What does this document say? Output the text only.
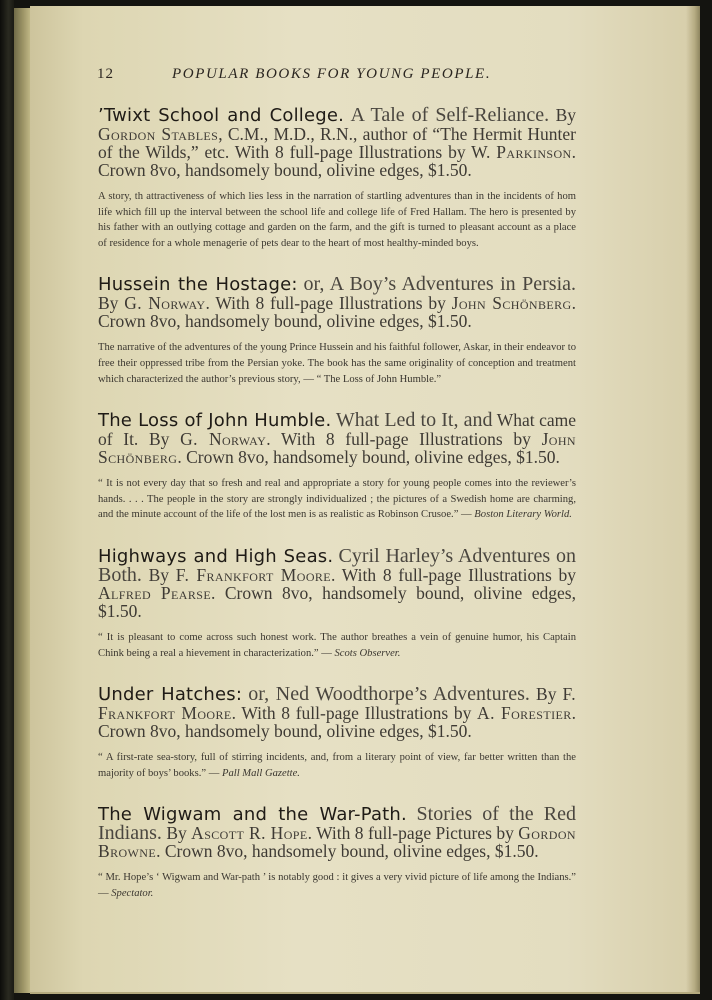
12	POPULAR BOOKS FOR YOUNG PEOPLE.
’Twixt School and College. A Tale of Self-Reliance. By Gordon Stables, C.M., M.D., R.N., author of “The Hermit Hunter of the Wilds,” etc. With 8 full-page Illustrations by W. Parkinson. Crown 8vo, handsomely bound, olivine edges, $1.50.
A story, th attractiveness of which lies less in the narration of startling adventures than in the incidents of hom life which fill up the interval between the school life and college life of Fred Hallam. The hero is presented by his father with an outlying cottage and garden on the farm, and the gift is turned to pleasant account as a place of residence for a whole menagerie of pets dear to the heart of most healthy-minded boys.
Hussein the Hostage: or, A Boy’s Adventures in Persia. By G. Norway. With 8 full-page Illustrations by John Schönberg. Crown 8vo, handsomely bound, olivine edges, $1.50.
The narrative of the adventures of the young Prince Hussein and his faithful follower, Askar, in their endeavor to free their oppressed tribe from the Persian yoke. The book has the same originality of conception and treatment which characterized the author’s previous story, — “ The Loss of John Humble.”
The Loss of John Humble. What Led to It, and What came of It. By G. Norway. With 8 full-page Illustrations by John Schönberg. Crown 8vo, handsomely bound, olivine edges, $1.50.
“ It is not every day that so fresh and real and appropriate a story for young people comes into the reviewer’s hands. . . . The people in the story are strongly individualized ; the pictures of a Swedish home are charming, and the minute account of the life of the lost men is as realistic as Robinson Crusoe.” — Boston Literary World.
Highways and High Seas. Cyril Harley’s Adventures on Both. By F. Frankfort Moore. With 8 full-page Illustrations by Alfred Pearse. Crown 8vo, handsomely bound, olivine edges, $1.50.
“ It is pleasant to come across such honest work. The author breathes a vein of genuine humor, his Captain Chink being a real a hievement in characterization.” — Scots Observer.
Under Hatches: or, Ned Woodthorpe’s Adventures. By F. Frankfort Moore. With 8 full-page Illustrations by A. Forestier. Crown 8vo, handsomely bound, olivine edges, $1.50.
“ A first-rate sea-story, full of stirring incidents, and, from a literary point of view, far better written than the majority of boys’ books.” — Pall Mall Gazette.
The Wigwam and the War-Path. Stories of the Red Indians. By Ascott R. Hope. With 8 full-page Pictures by Gordon Browne. Crown 8vo, handsomely bound, olivine edges, $1.50.
“ Mr. Hope’s ‘ Wigwam and War-path ’ is notably good : it gives a very vivid picture of life among the Indians.” — Spectator.
